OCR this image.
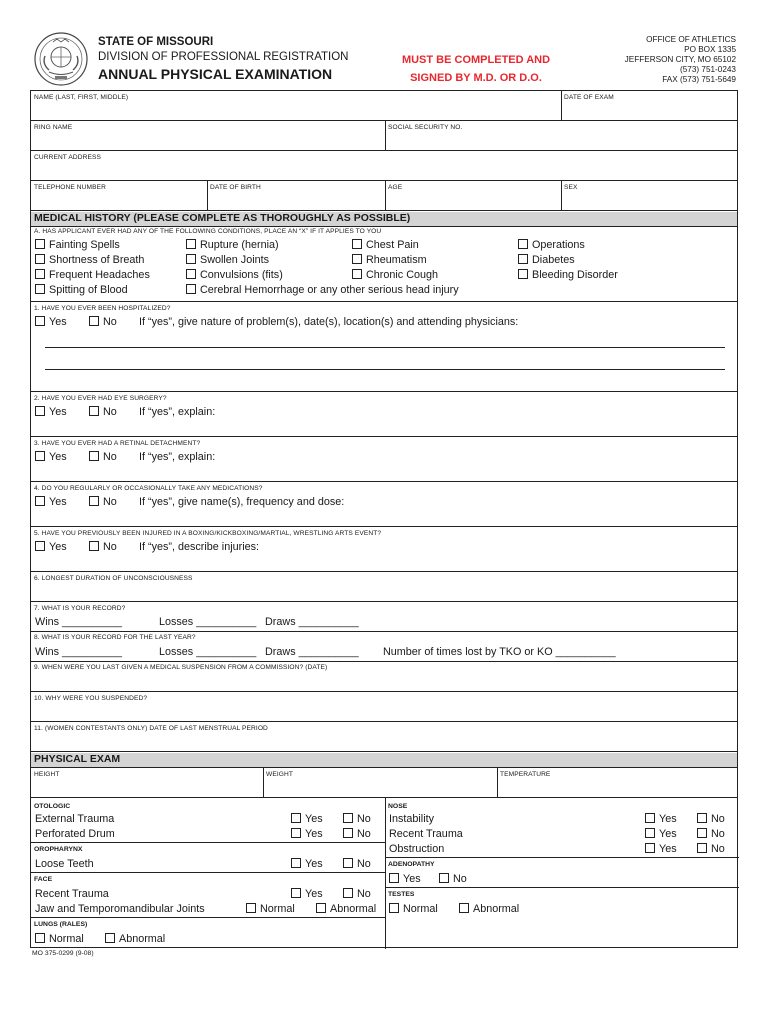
STATE OF MISSOURI
DIVISION OF PROFESSIONAL REGISTRATION
ANNUAL PHYSICAL EXAMINATION
MUST BE COMPLETED AND
SIGNED BY M.D. OR D.O.
OFFICE OF ATHLETICS
PO BOX 1335
JEFFERSON CITY, MO 65102
(573) 751-0243
FAX (573) 751-5649
NAME (LAST, FIRST, MIDDLE)	DATE OF EXAM
RING NAME	SOCIAL SECURITY NO.
CURRENT ADDRESS
TELEPHONE NUMBER	DATE OF BIRTH	AGE	SEX
MEDICAL HISTORY (PLEASE COMPLETE AS THOROUGHLY AS POSSIBLE)
A. HAS APPLICANT EVER HAD ANY OF THE FOLLOWING CONDITIONS, PLACE AN “X” IF IT APPLIES TO YOU
Fainting Spells
Shortness of Breath
Frequent Headaches
Spitting of Blood
Rupture (hernia)
Swollen Joints
Convulsions (fits)
Cerebral Hemorrhage or any other serious head injury
Chest Pain
Rheumatism
Chronic Cough
Operations
Diabetes
Bleeding Disorder
1. HAVE YOU EVER BEEN HOSPITALIZED?
Yes	No If “yes”, give nature of problem(s), date(s), location(s) and attending physicians:
2. HAVE YOU EVER HAD EYE SURGERY?
Yes	No If “yes”, explain:
3. HAVE YOU EVER HAD A RETINAL DETACHMENT?
Yes	No If “yes”, explain:
4. DO YOU REGULARLY OR OCCASIONALLY TAKE ANY MEDICATIONS?
Yes	No If “yes”, give name(s), frequency and dose:
5. HAVE YOU PREVIOUSLY BEEN INJURED IN A BOXING/KICKBOXING/MARTIAL, WRESTLING ARTS EVENT?
Yes	No If “yes”, describe injuries:
6. LONGEST DURATION OF UNCONSCIOUSNESS
7. WHAT IS YOUR RECORD?
Wins __________	Losses __________ Draws __________
8. WHAT IS YOUR RECORD FOR THE LAST YEAR?
Wins __________	Losses __________ Draws __________ Number of times lost by TKO or KO __________
9. WHEN WERE YOU LAST GIVEN A MEDICAL SUSPENSION FROM A COMMISSION? (DATE)
10. WHY WERE YOU SUSPENDED?
11. (WOMEN CONTESTANTS ONLY) DATE OF LAST MENSTRUAL PERIOD
PHYSICAL EXAM
HEIGHT	WEIGHT	TEMPERATURE
OTOLOGIC
External Trauma	Yes	No
Perforated Drum	Yes	No
OROPHARYNX
Loose Teeth	Yes	No
FACE
Recent Trauma	Yes	No
Jaw and Temporomandibular Joints	Normal	Abnormal
LUNGS (RALES)
Normal	Abnormal
NOSE
Instability	Yes	No
Recent Trauma	Yes	No
Obstruction	Yes	No
ADENOPATHY
Yes	No
TESTES
Normal	Abnormal
MO 375-0299 (9-08)
